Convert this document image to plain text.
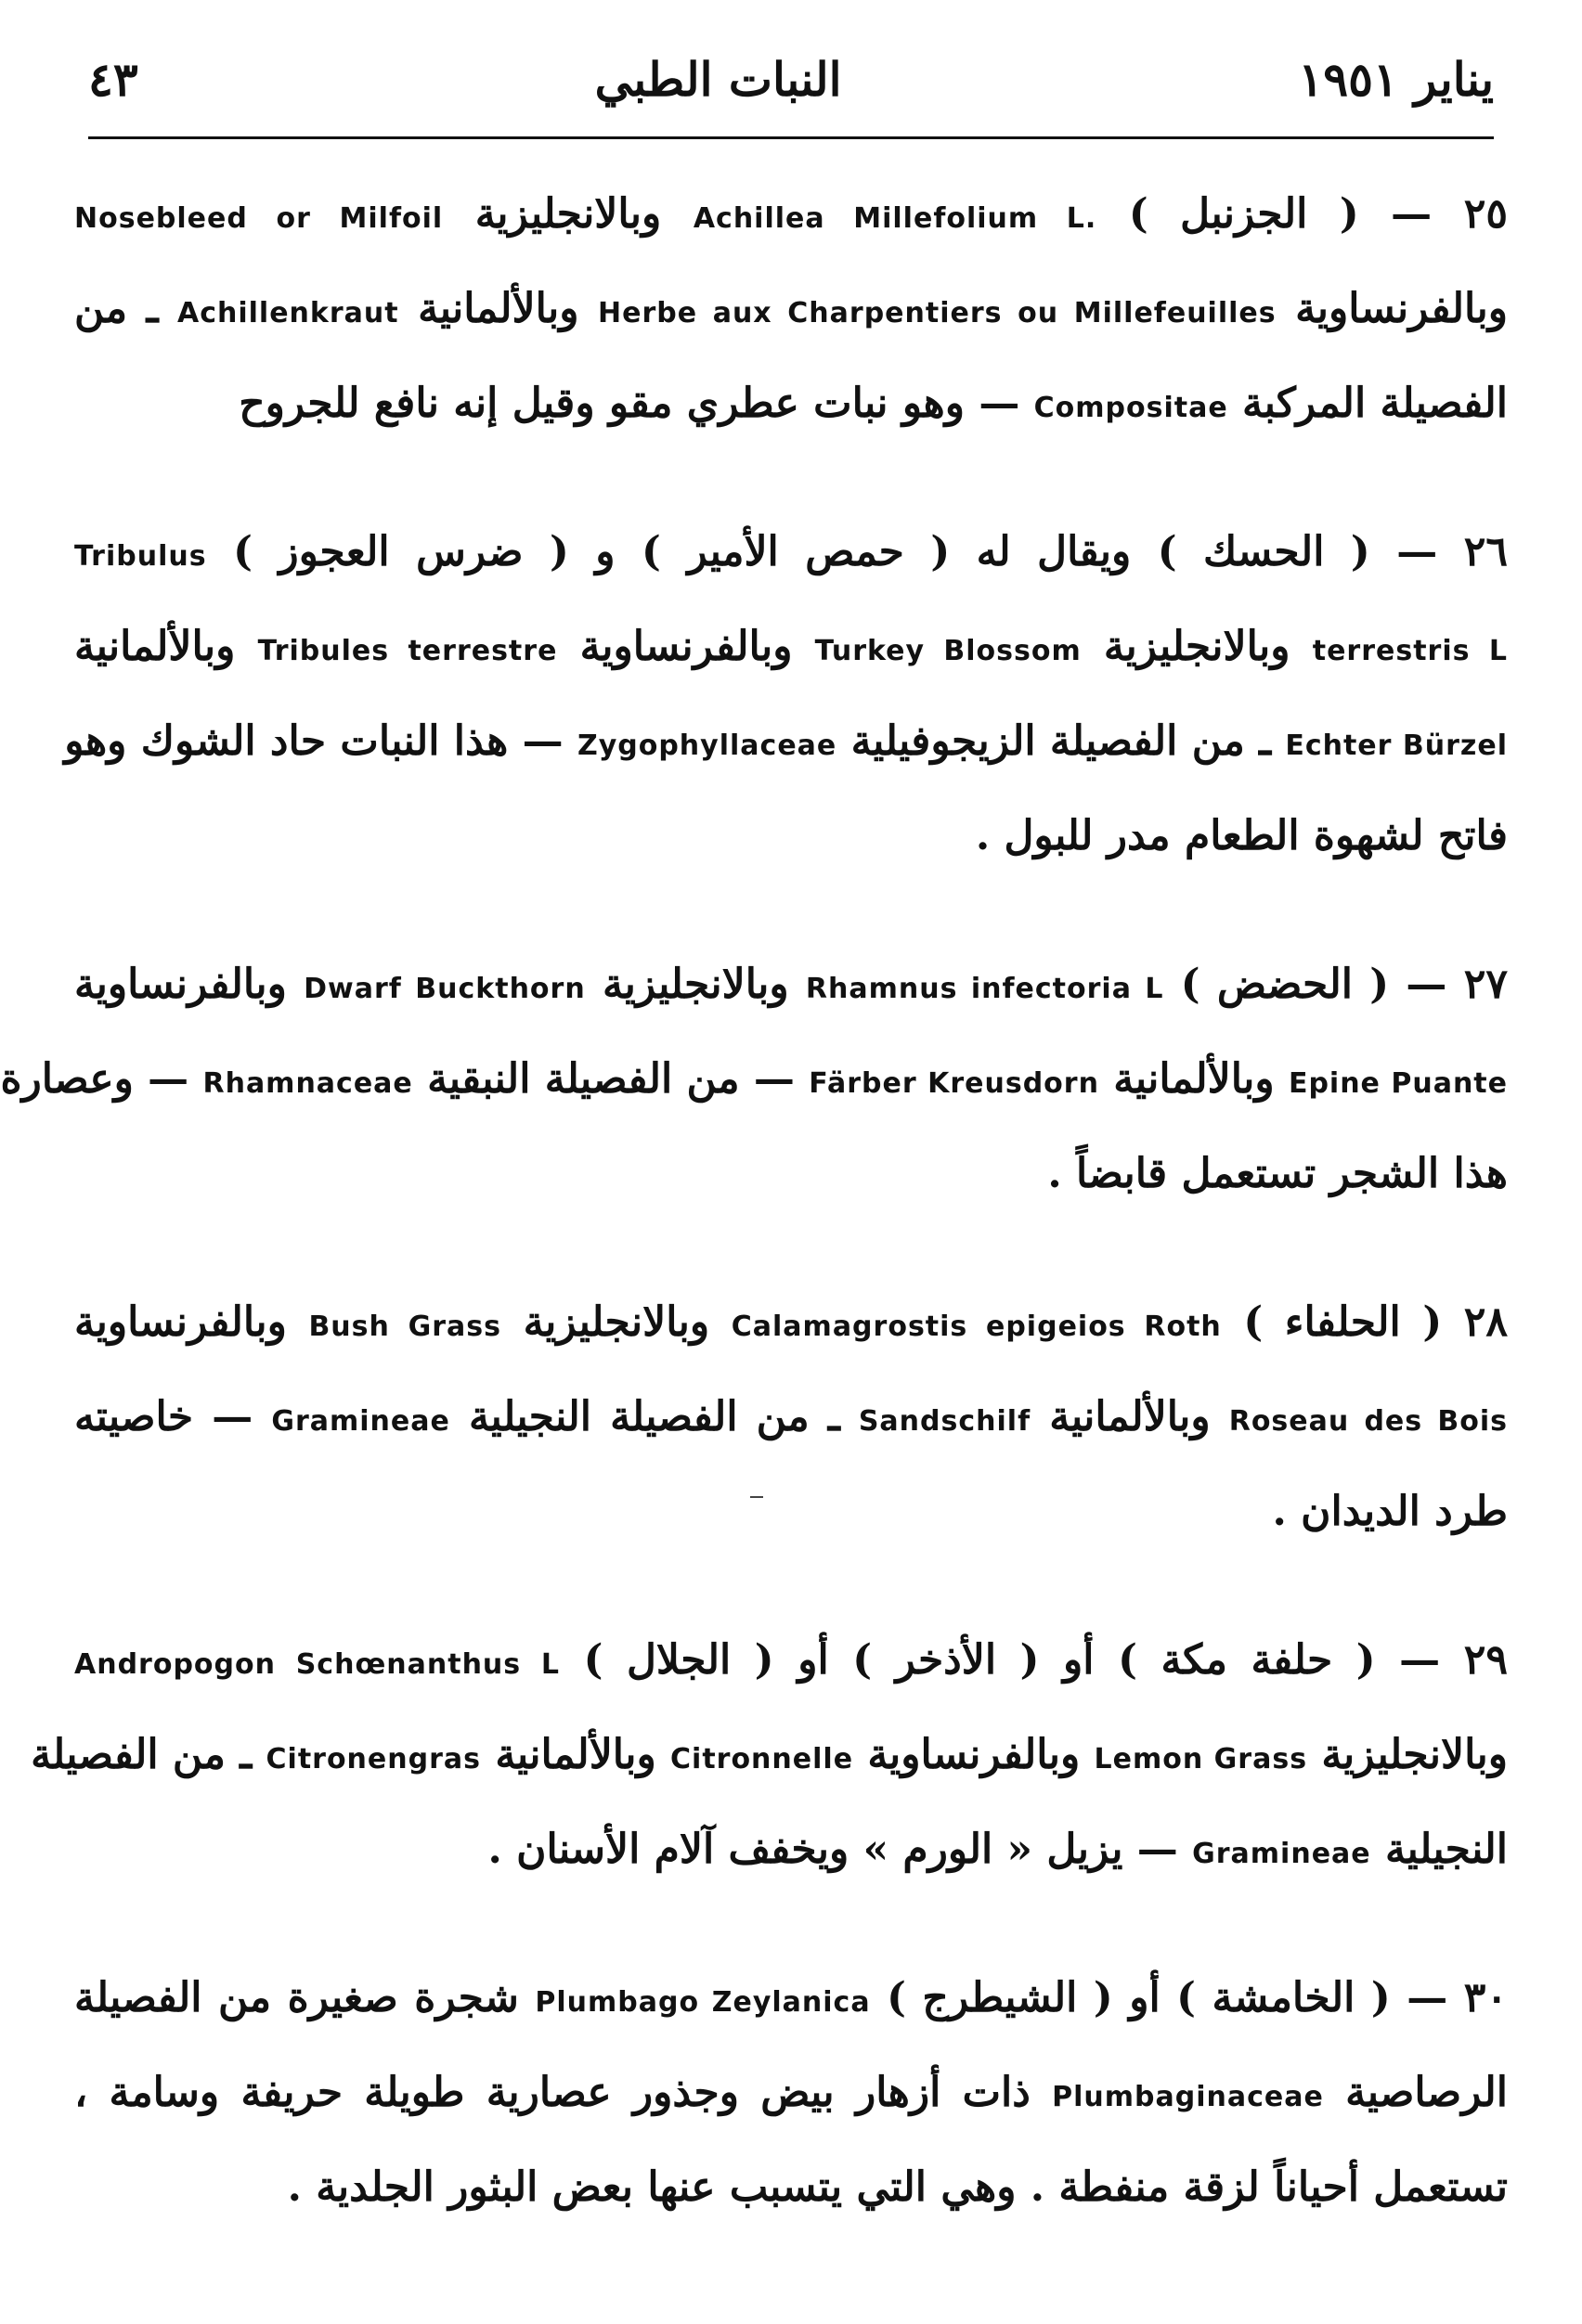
٤٣	النبات الطبي	يناير ١٩٥١
٢٥ — ( الجزنبل ) Achillea Millefolium L. وبالانجليزية Nosebleed or Milfoil
وبالفرنساوية Herbe aux Charpentiers ou Millefeuilles وبالألمانية Achillenkraut ـ من
الفصيلة المركبة Compositae — وهو نبات عطري مقو وقيل إنه نافع للجروح
٢٦ — ( الحسك ) ويقال له ( حمص الأمير ) و ( ضرس العجوز ) Tribulus
terrestris L وبالانجليزية Turkey Blossom وبالفرنساوية Tribules terrestre وبالألمانية
Echter Bürzel ـ من الفصيلة الزيجوفيلية Zygophyllaceae — هذا النبات حاد الشوك وهو
فاتح لشهوة الطعام مدر للبول .
٢٧ — ( الحضض ) Rhamnus infectoria L وبالانجليزية Dwarf Buckthorn وبالفرنساوية
Epine Puante وبالألمانية Färber Kreusdorn — من الفصيلة النبقية Rhamnaceae — وعصارة
هذا الشجر تستعمل قابضاً .
٢٨ ( الحلفاء ) Calamagrostis epigeios Roth وبالانجليزية Bush Grass وبالفرنساوية
Roseau des Bois وبالألمانية Sandschilf ـ من الفصيلة النجيلية Gramineae — خاصيته
طرد الديدان .
٢٩ — ( حلفة مكة ) أو ( الأذخر ) أو ( الجلال ) Andropogon Schœnanthus L
وبالانجليزية Lemon Grass وبالفرنساوية Citronnelle وبالألمانية Citronengras ـ من الفصيلة
النجيلية Gramineae — يزيل « الورم » ويخفف آلام الأسنان .
٣٠ — ( الخامشة ) أو ( الشيطرج ) Plumbago Zeylanica شجرة صغيرة من الفصيلة
الرصاصية Plumbaginaceae ذات أزهار بيض وجذور عصارية طويلة حريفة وسامة ،
تستعمل أحياناً لزقة منفطة . وهي التي يتسبب عنها بعض البثور الجلدية .
